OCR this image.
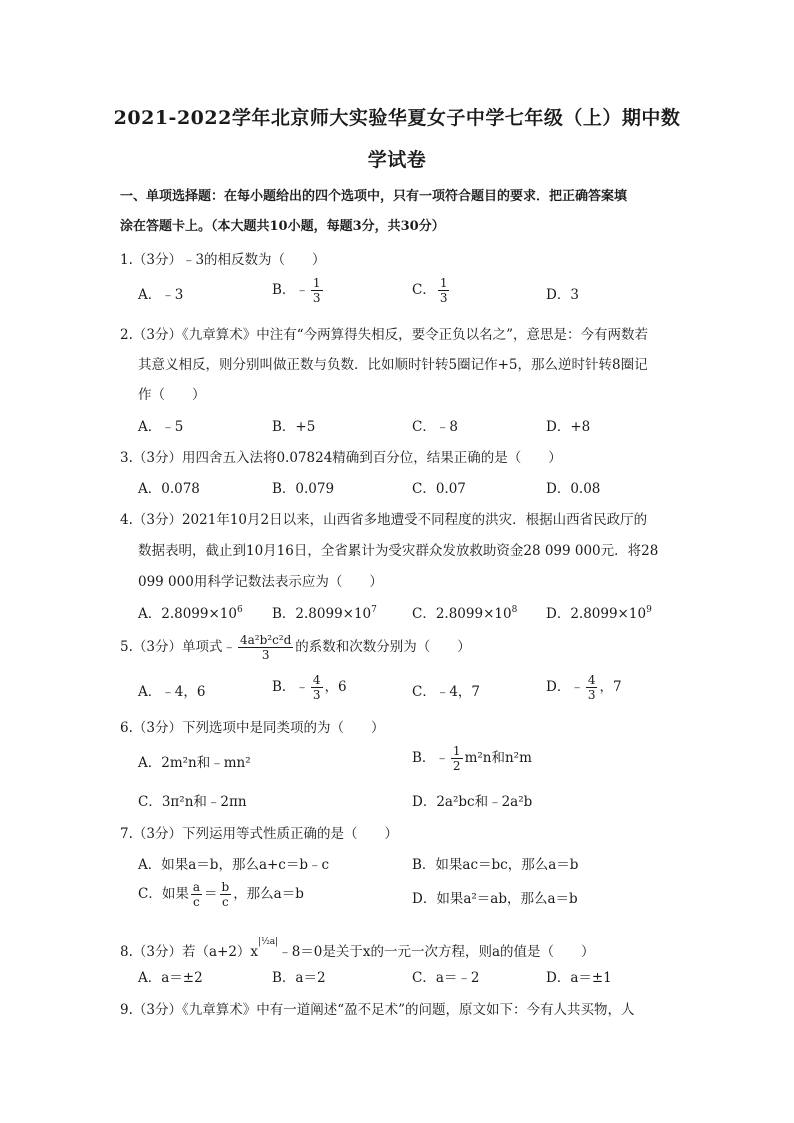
2021-2022学年北京师大实验华夏女子中学七年级（上）期中数
学试卷
一、单项选择题：在每小题给出的四个选项中，只有一项符合题目的要求．把正确答案填
涂在答题卡上。（本大题共10小题，每题3分，共30分）
1.（3分）﹣3的相反数为（　　）
A．﹣3	B．﹣ $\frac{1}{3}$	C． $\frac{1}{3}$	D．3
2.（3分）《九章算术》中注有“今两算得失相反，要令正负以名之”，意思是：今有两数若
其意义相反，则分别叫做正数与负数．比如顺时针转5圈记作+5，那么逆时针转8圈记
作（　　）
A．﹣5	B．+5	C．﹣8	D．+8
3.（3分）用四舍五入法将0.07824精确到百分位，结果正确的是（　　）
A．0.078	B．0.079	C．0.07	D．0.08
4.（3分）2021年10月2日以来，山西省多地遭受不同程度的洪灾．根据山西省民政厅的
数据表明，截止到10月16日，全省累计为受灾群众发放救助资金28 099 000元．将28
099 000用科学记数法表示应为（　　）
A．$2.8099\times 10^6$ B．$2.8099\times 10^7$	C．$2.8099\times 10^8$ D．$2.8099\times 10^9$
5.（3分）单项式﹣ $\frac{\text{4a²b²c²d}}{3}$ 的系数和次数分别为（　　）
A．﹣4，6	B．﹣ $\frac{4}{3}$ ，6	C．﹣4，7	D．﹣ $\frac{4}{3}$ ，7
6.（3分）下列选项中是同类项的为（　　）
A．2m²n和﹣mn²	B．﹣ $\frac{1}{2} m^2n$和n²m
C．3π²n和﹣2πn	D．2a²bc和﹣2a²b
7.（3分）下列运用等式性质正确的是（　　）
A．如果a＝b，那么a+c＝b﹣c	B．如果ac＝bc，那么a＝b
C．如果 $\frac{a}{c} = \frac{b}{c}$ ，那么a＝b	D．如果a²＝ab，那么a＝b
8.（3分）若$(a+2)x^{|\frac{1}{2}a|}﹣8=0$是关于x的一元一次方程，则a的值是（　　）
A．a＝±2	B．a＝2	C．a＝﹣2	D．a＝±1
9.（3分）《九章算术》中有一道阐述“盈不足术”的问题，原文如下：今有人共买物，人
